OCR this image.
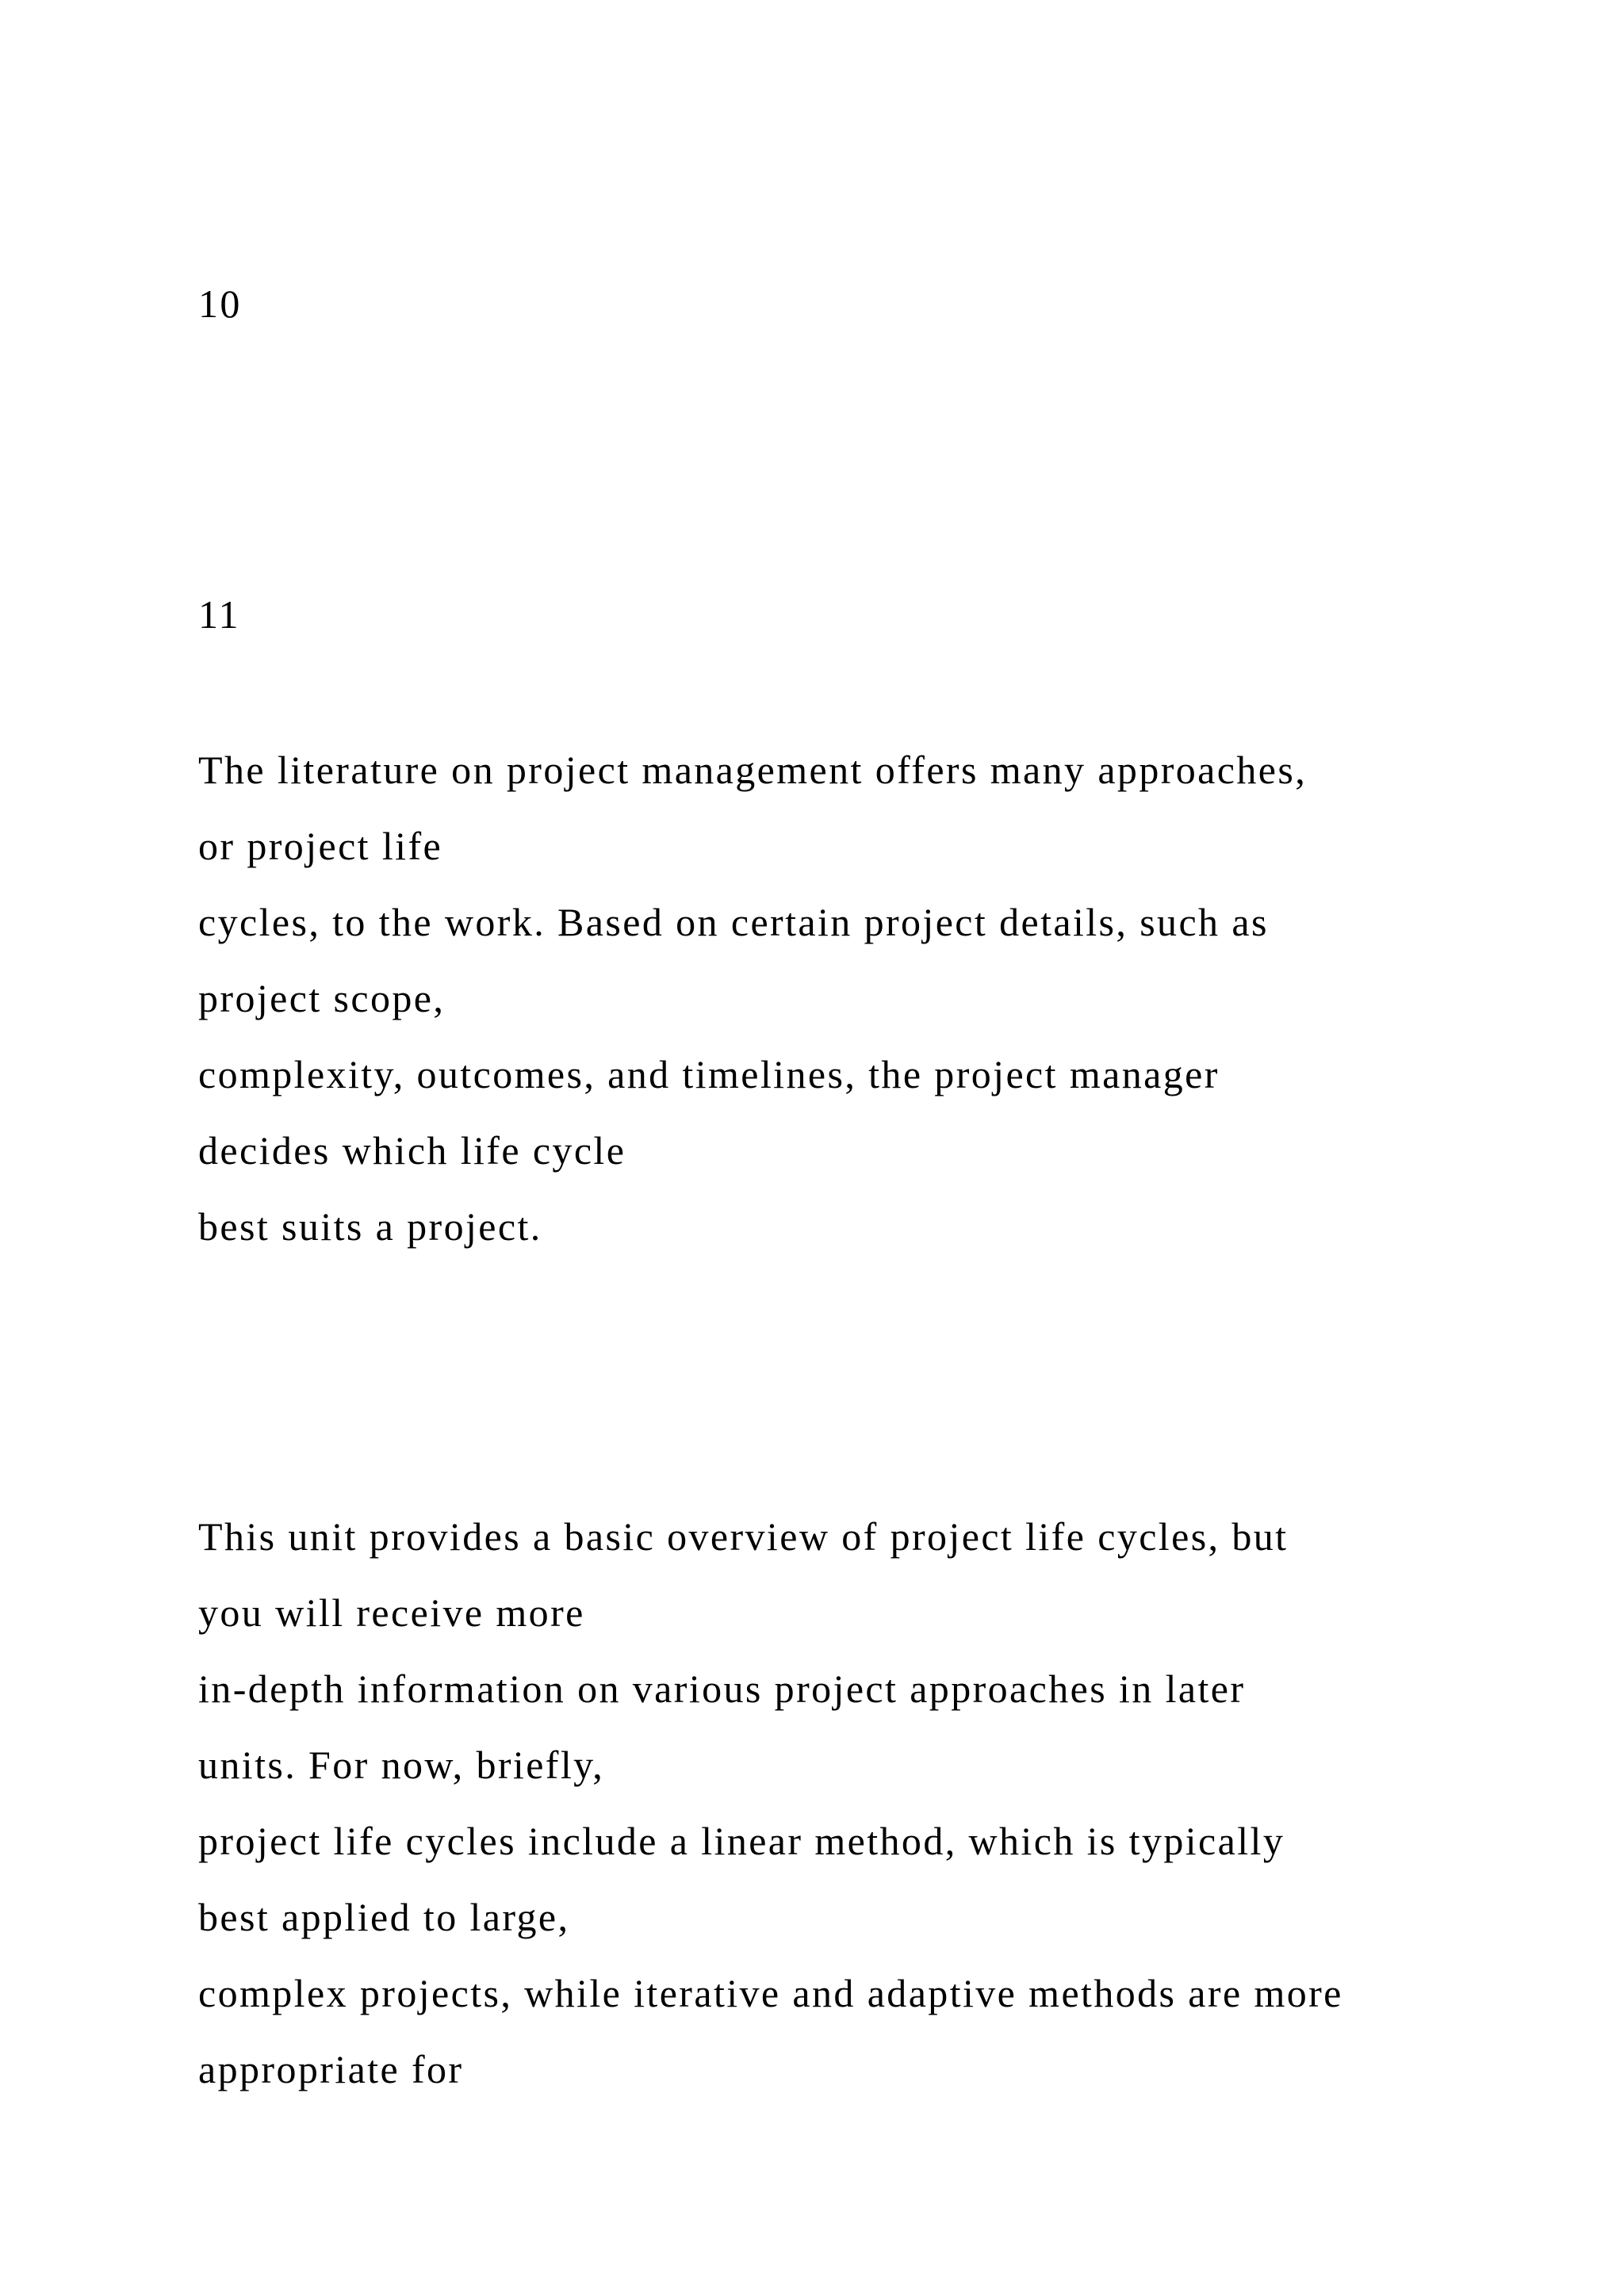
10

11

The literature on project management offers many approaches,

or project life

cycles, to the work. Based on certain project details, such as

project scope,

complexity, outcomes, and timelines, the project manager

decides which life cycle

best suits a project.

This unit provides a basic overview of project life cycles, but

you will receive more

in-depth information on various project approaches in later

units. For now, briefly,

project life cycles include a linear method, which is typically

best applied to large,

complex projects, while iterative and adaptive methods are more

appropriate for
